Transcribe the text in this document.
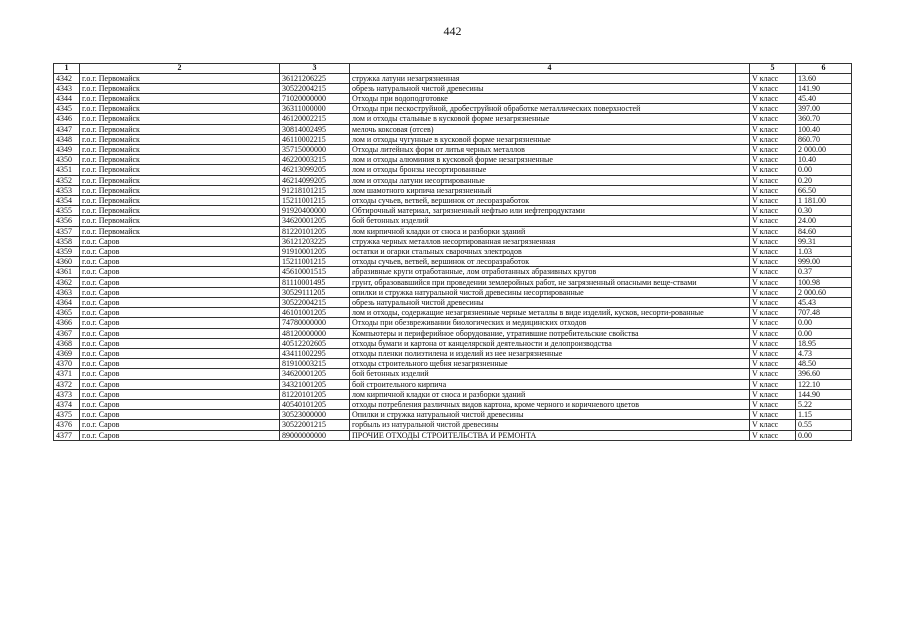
442
1	2	3	4	5	6
4342	г.о.г. Первомайск	36121206225	стружка латуни незагрязненная	V класс	13.60
4343	г.о.г. Первомайск	30522004215	обрезь натуральной чистой древесины	V класс	141.90
4344	г.о.г. Первомайск	71020000000	Отходы при водоподготовке	V класс	45.40
4345	г.о.г. Первомайск	36311000000	Отходы при пескоструйной, дробеструйной обработке металлических поверхностей	V класс	397.00
4346	г.о.г. Первомайск	46120002215	лом и отходы стальные в кусковой форме незагрязненные	V класс	360.70
4347	г.о.г. Первомайск	30814002495	мелочь коксовая (отсев)	V класс	100.40
4348	г.о.г. Первомайск	46110002215	лом и отходы чугунные в кусковой форме незагрязненные	V класс	860.70
4349	г.о.г. Первомайск	35715000000	Отходы литейных форм от литья черных металлов	V класс	2 000.00
4350	г.о.г. Первомайск	46220003215	лом и отходы алюминия в кусковой форме незагрязненные	V класс	10.40
4351	г.о.г. Первомайск	46213099205	лом и отходы бронзы несортированные	V класс	0.00
4352	г.о.г. Первомайск	46214099205	лом и отходы латуни несортированные	V класс	0.20
4353	г.о.г. Первомайск	91218101215	лом шамотного кирпича незагрязненный	V класс	66.50
4354	г.о.г. Первомайск	15211001215	отходы сучьев, ветвей, вершинок от лесоразработок	V класс	1 181.00
4355	г.о.г. Первомайск	91920400000	Обтирочный материал, загрязненный нефтью или нефтепродуктами	V класс	0.30
4356	г.о.г. Первомайск	34620001205	бой бетонных изделий	V класс	24.00
4357	г.о.г. Первомайск	81220101205	лом кирпичной кладки от сноса и разборки зданий	V класс	84.60
4358	г.о.г. Саров	36121203225	стружка черных металлов несортированная незагрязненная	V класс	99.31
4359	г.о.г. Саров	91910001205	остатки и огарки стальных сварочных электродов	V класс	1.03
4360	г.о.г. Саров	15211001215	отходы сучьев, ветвей, вершинок от лесоразработок	V класс	999.00
4361	г.о.г. Саров	45610001515	абразивные круги отработанные, лом отработанных абразивных кругов	V класс	0.37
4362	г.о.г. Саров	81110001495	грунт, образовавшийся при проведении землеройных работ, не загрязненный опасными веще-ствами	V класс	100.98
4363	г.о.г. Саров	30529111205	опилки и стружка натуральной чистой древесины несортированные	V класс	2 000.60
4364	г.о.г. Саров	30522004215	обрезь натуральной чистой древесины	V класс	45.43
4365	г.о.г. Саров	46101001205	лом и отходы, содержащие незагрязненные черные металлы в виде изделий, кусков, несорти-рованные	V класс	707.48
4366	г.о.г. Саров	74780000000	Отходы при обезвреживании биологических и медицинских отходов	V класс	0.00
4367	г.о.г. Саров	48120000000	Компьютеры и периферийное оборудование, утратившие потребительские свойства	V класс	0.00
4368	г.о.г. Саров	40512202605	отходы бумаги и картона от канцелярской деятельности и делопроизводства	V класс	18.95
4369	г.о.г. Саров	43411002295	отходы пленки полиэтилена и изделий из нее незагрязненные	V класс	4.73
4370	г.о.г. Саров	81910003215	отходы строительного щебня незагрязненные	V класс	48.50
4371	г.о.г. Саров	34620001205	бой бетонных изделий	V класс	396.60
4372	г.о.г. Саров	34321001205	бой строительного кирпича	V класс	122.10
4373	г.о.г. Саров	81220101205	лом кирпичной кладки от сноса и разборки зданий	V класс	144.90
4374	г.о.г. Саров	40540101205	отходы потребления различных видов картона, кроме черного и коричневого цветов	V класс	5.22
4375	г.о.г. Саров	30523000000	Опилки и стружка натуральной чистой древесины	V класс	1.15
4376	г.о.г. Саров	30522001215	горбыль из натуральной чистой древесины	V класс	0.55
4377	г.о.г. Саров	89000000000	ПРОЧИЕ ОТХОДЫ СТРОИТЕЛЬСТВА И РЕМОНТА	V класс	0.00
